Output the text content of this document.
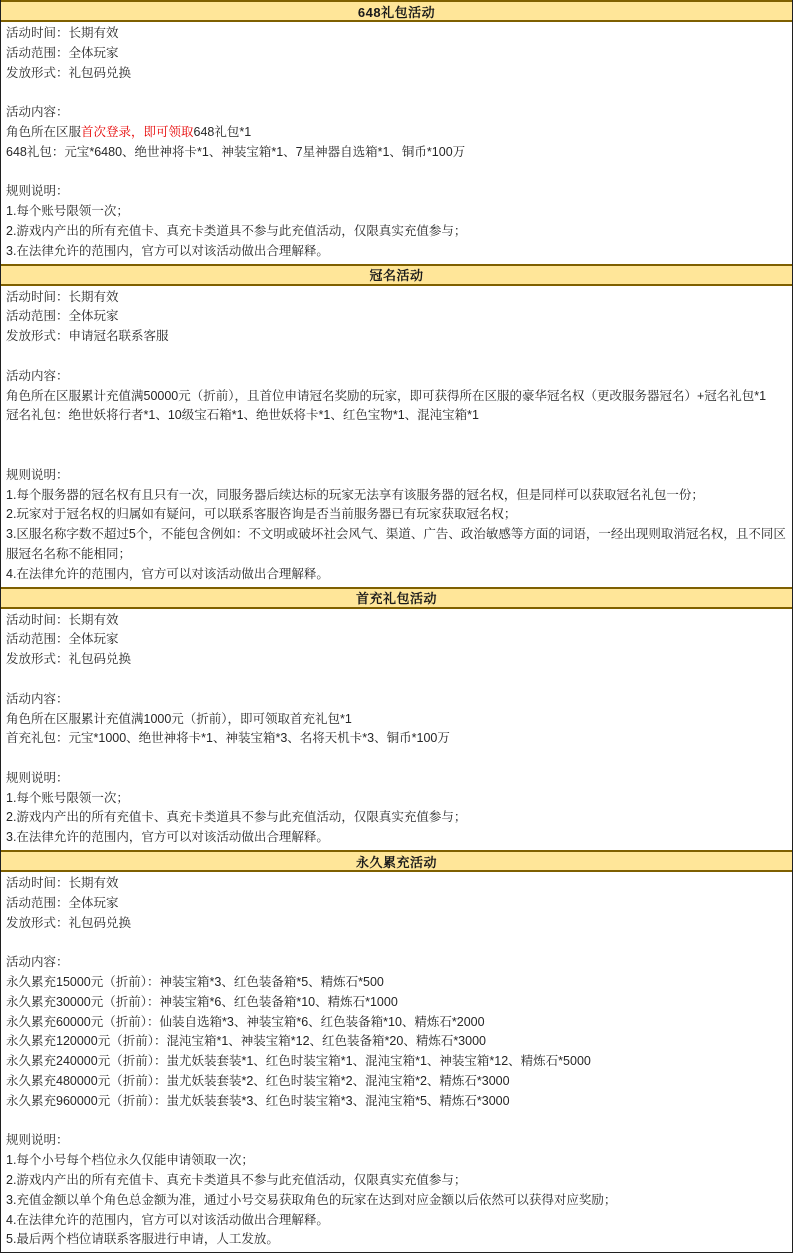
648礼包活动
活动时间：长期有效
活动范围：全体玩家
发放形式：礼包码兑换

活动内容：
角色所在区服首次登录，即可领取648礼包*1
648礼包：元宝*6480、绝世神将卡*1、神装宝箱*1、7星神器自选箱*1、铜币*100万

规则说明：
1.每个账号限领一次；
2.游戏内产出的所有充值卡、真充卡类道具不参与此充值活动，仅限真实充值参与；
3.在法律允许的范围内，官方可以对该活动做出合理解释。
冠名活动
活动时间：长期有效
活动范围：全体玩家
发放形式：申请冠名联系客服

活动内容：
角色所在区服累计充值满50000元（折前），且首位申请冠名奖励的玩家，即可获得所在区服的豪华冠名权（更改服务器冠名）+冠名礼包*1
冠名礼包：绝世妖将行者*1、10级宝石箱*1、绝世妖将卡*1、红色宝物*1、混沌宝箱*1

规则说明：
1.每个服务器的冠名权有且只有一次，同服务器后续达标的玩家无法享有该服务器的冠名权，但是同样可以获取冠名礼包一份；
2.玩家对于冠名权的归属如有疑问，可以联系客服咨询是否当前服务器已有玩家获取冠名权；
3.区服名称字数不超过5个，不能包含例如：不文明或破坏社会风气、渠道、广告、政治敏感等方面的词语，一经出现则取消冠名权，且不同区服冠名名称不能相同；
4.在法律允许的范围内，官方可以对该活动做出合理解释。
首充礼包活动
活动时间：长期有效
活动范围：全体玩家
发放形式：礼包码兑换

活动内容：
角色所在区服累计充值满1000元（折前），即可领取首充礼包*1
首充礼包：元宝*1000、绝世神将卡*1、神装宝箱*3、名将天机卡*3、铜币*100万

规则说明：
1.每个账号限领一次；
2.游戏内产出的所有充值卡、真充卡类道具不参与此充值活动，仅限真实充值参与；
3.在法律允许的范围内，官方可以对该活动做出合理解释。
永久累充活动
活动时间：长期有效
活动范围：全体玩家
发放形式：礼包码兑换

活动内容：
永久累充15000元（折前）：神装宝箱*3、红色装备箱*5、精炼石*500
永久累充30000元（折前）：神装宝箱*6、红色装备箱*10、精炼石*1000
永久累充60000元（折前）：仙装自选箱*3、神装宝箱*6、红色装备箱*10、精炼石*2000
永久累充120000元（折前）：混沌宝箱*1、神装宝箱*12、红色装备箱*20、精炼石*3000
永久累充240000元（折前）：蚩尤妖装套装*1、红色时装宝箱*1、混沌宝箱*1、神装宝箱*12、精炼石*5000
永久累充480000元（折前）：蚩尤妖装套装*2、红色时装宝箱*2、混沌宝箱*2、精炼石*3000
永久累充960000元（折前）：蚩尤妖装套装*3、红色时装宝箱*3、混沌宝箱*5、精炼石*3000

规则说明：
1.每个小号每个档位永久仅能申请领取一次；
2.游戏内产出的所有充值卡、真充卡类道具不参与此充值活动，仅限真实充值参与；
3.充值金额以单个角色总金额为准，通过小号交易获取角色的玩家在达到对应金额以后依然可以获得对应奖励；
4.在法律允许的范围内，官方可以对该活动做出合理解释。
5.最后两个档位请联系客服进行申请，人工发放。
